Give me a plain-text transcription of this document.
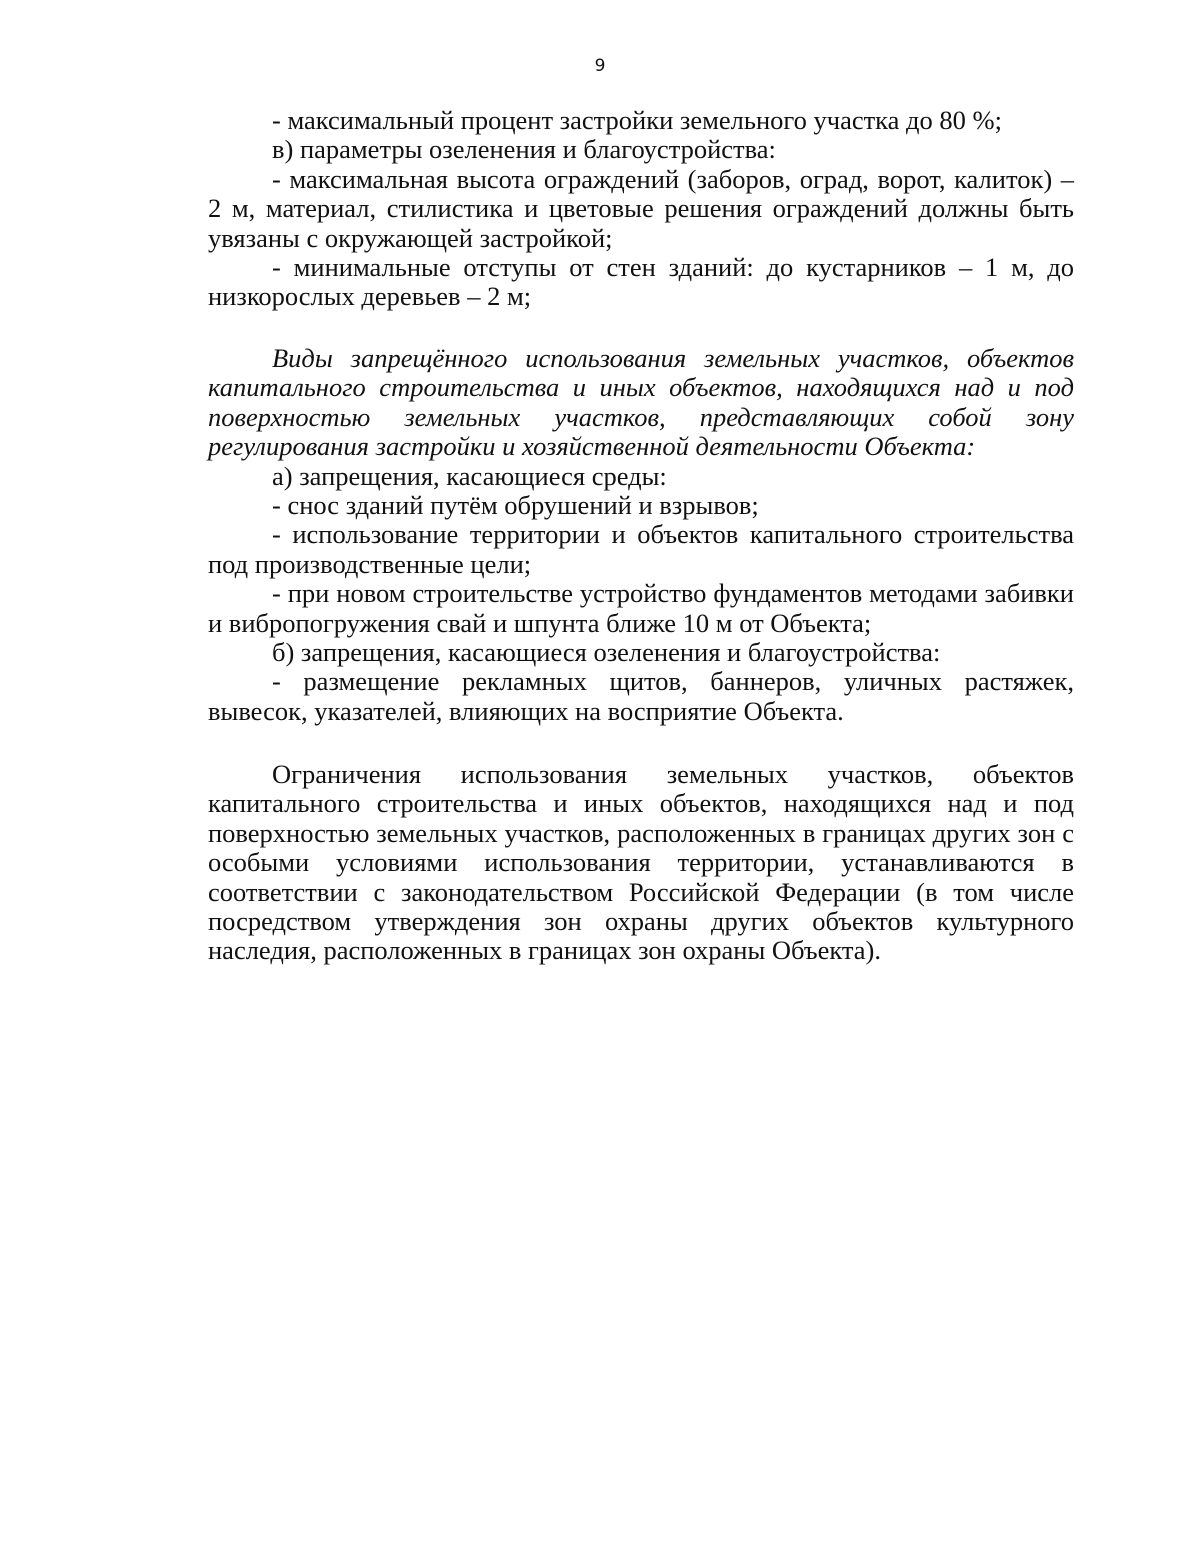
9

- максимальный процент застройки земельного участка до 80 %;

в) параметры озеленения и благоустройства:

- максимальная высота ограждений (заборов, оград, ворот, калиток) – 2 м, материал, стилистика и цветовые решения ограждений должны быть увязаны с окружающей застройкой;

- минимальные отступы от стен зданий: до кустарников – 1 м, до низкорослых деревьев – 2 м;

Виды запрещённого использования земельных участков, объектов капитального строительства и иных объектов, находящихся над и под поверхностью земельных участков, представляющих собой зону регулирования застройки и хозяйственной деятельности Объекта:

а) запрещения, касающиеся среды:

- снос зданий путём обрушений и взрывов;

- использование территории и объектов капитального строительства под производственные цели;

- при новом строительстве устройство фундаментов методами забивки и вибропогружения свай и шпунта ближе 10 м от Объекта;

б) запрещения, касающиеся озеленения и благоустройства:

- размещение рекламных щитов, баннеров, уличных растяжек, вывесок, указателей, влияющих на восприятие Объекта.

Ограничения использования земельных участков, объектов капитального строительства и иных объектов, находящихся над и под поверхностью земельных участков, расположенных в границах других зон с особыми условиями использования территории, устанавливаются в соответствии с законодательством Российской Федерации (в том числе посредством утверждения зон охраны других объектов культурного наследия, расположенных в границах зон охраны Объекта).
